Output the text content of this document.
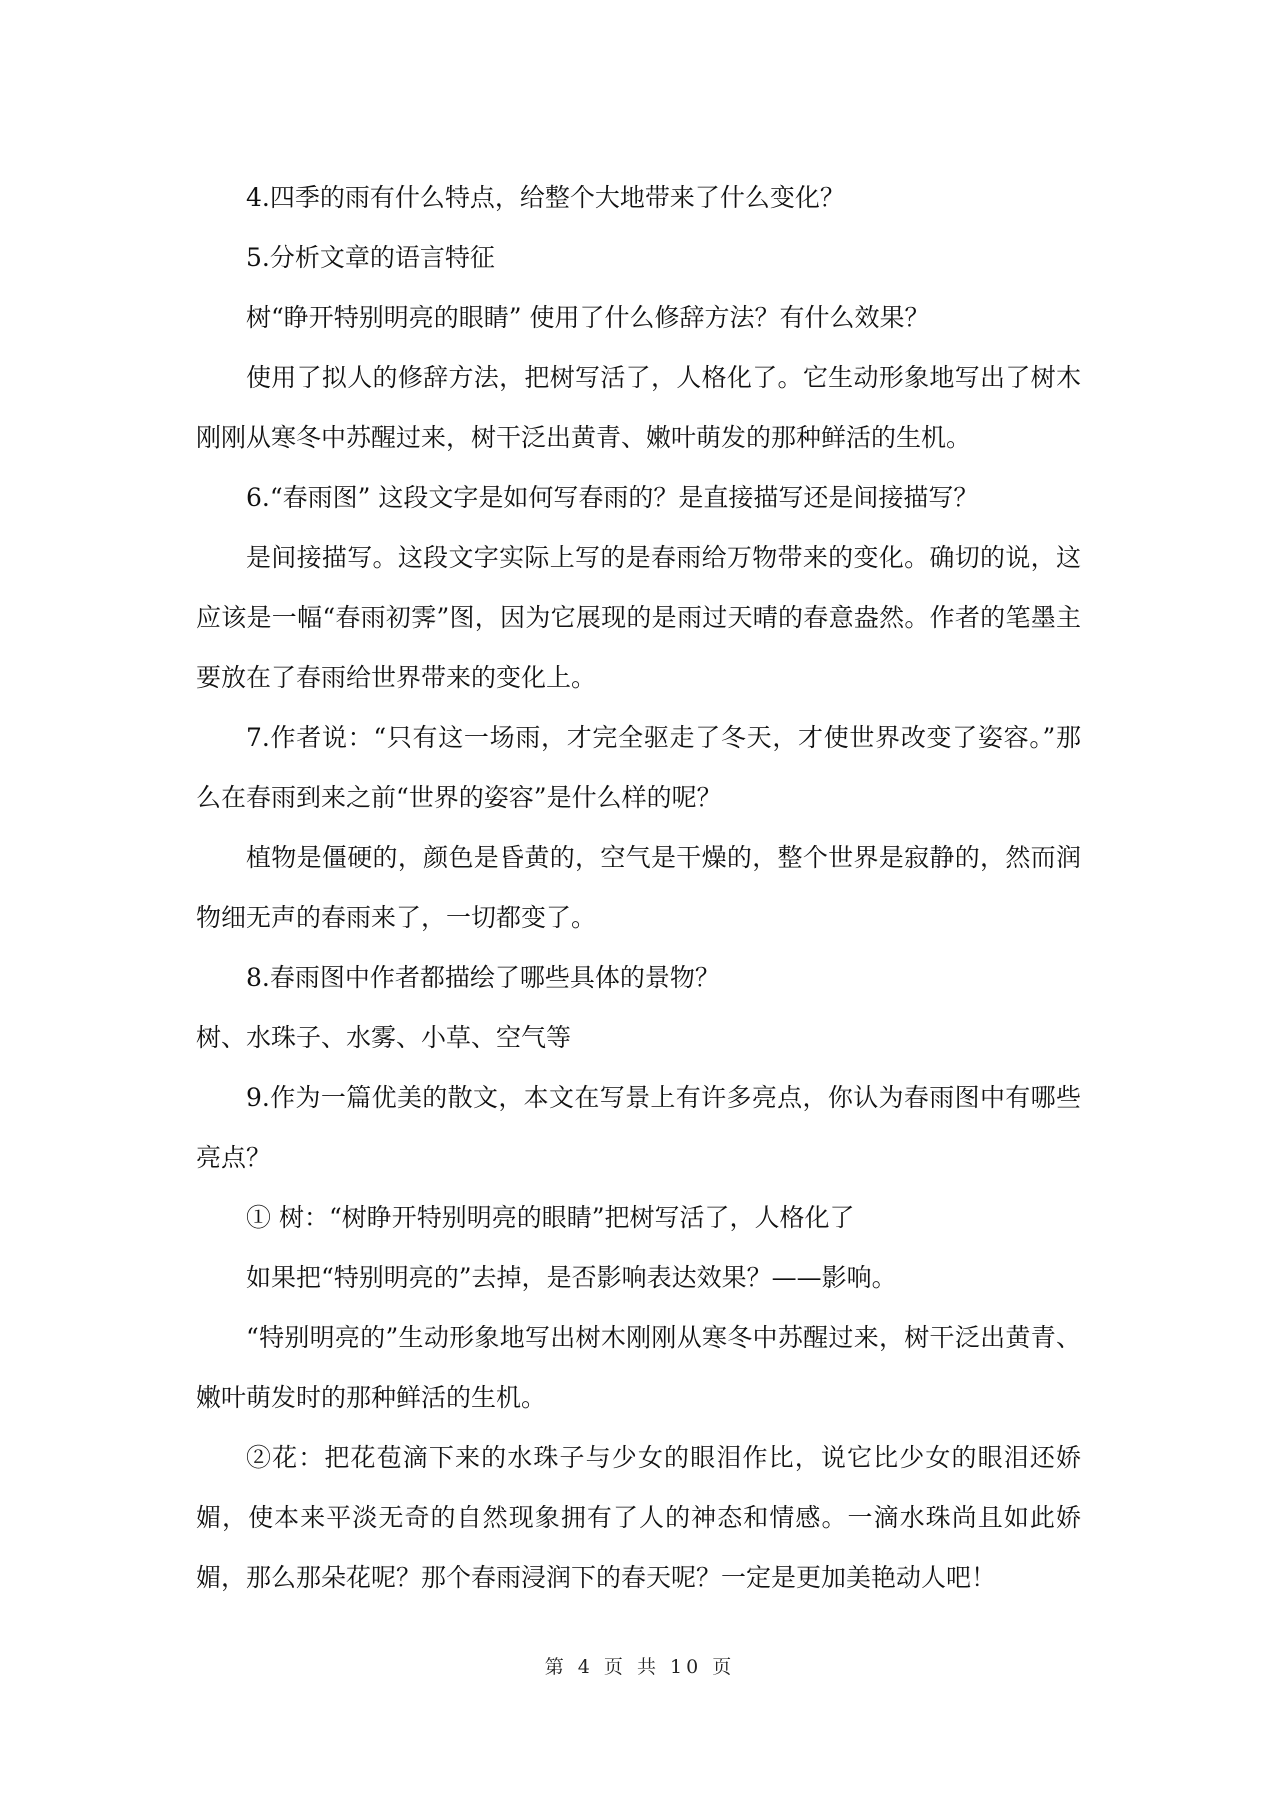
4.四季的雨有什么特点，给整个大地带来了什么变化？

5.分析文章的语言特征

树“睁开特别明亮的眼睛” 使用了什么修辞方法？有什么效果？

使用了拟人的修辞方法，把树写活了，人格化了。它生动形象地写出了树木刚刚从寒冬中苏醒过来，树干泛出黄青、嫩叶萌发的那种鲜活的生机。

6.“春雨图” 这段文字是如何写春雨的？是直接描写还是间接描写？

是间接描写。这段文字实际上写的是春雨给万物带来的变化。确切的说，这应该是一幅“春雨初霁”图，因为它展现的是雨过天晴的春意盎然。作者的笔墨主要放在了春雨给世界带来的变化上。

7.作者说：“只有这一场雨，才完全驱走了冬天，才使世界改变了姿容。”那么在春雨到来之前“世界的姿容”是什么样的呢？

植物是僵硬的，颜色是昏黄的，空气是干燥的，整个世界是寂静的，然而润物细无声的春雨来了，一切都变了。

8.春雨图中作者都描绘了哪些具体的景物？

树、水珠子、水雾、小草、空气等

9.作为一篇优美的散文，本文在写景上有许多亮点，你认为春雨图中有哪些亮点？

① 树：“树睁开特别明亮的眼睛”把树写活了，人格化了

如果把“特别明亮的”去掉，是否影响表达效果？——影响。

“特别明亮的”生动形象地写出树木刚刚从寒冬中苏醒过来，树干泛出黄青、嫩叶萌发时的那种鲜活的生机。

②花：把花苞滴下来的水珠子与少女的眼泪作比，说它比少女的眼泪还娇媚，使本来平淡无奇的自然现象拥有了人的神态和情感。一滴水珠尚且如此娇媚，那么那朵花呢？那个春雨浸润下的春天呢？一定是更加美艳动人吧！

第 4 页 共 10 页
